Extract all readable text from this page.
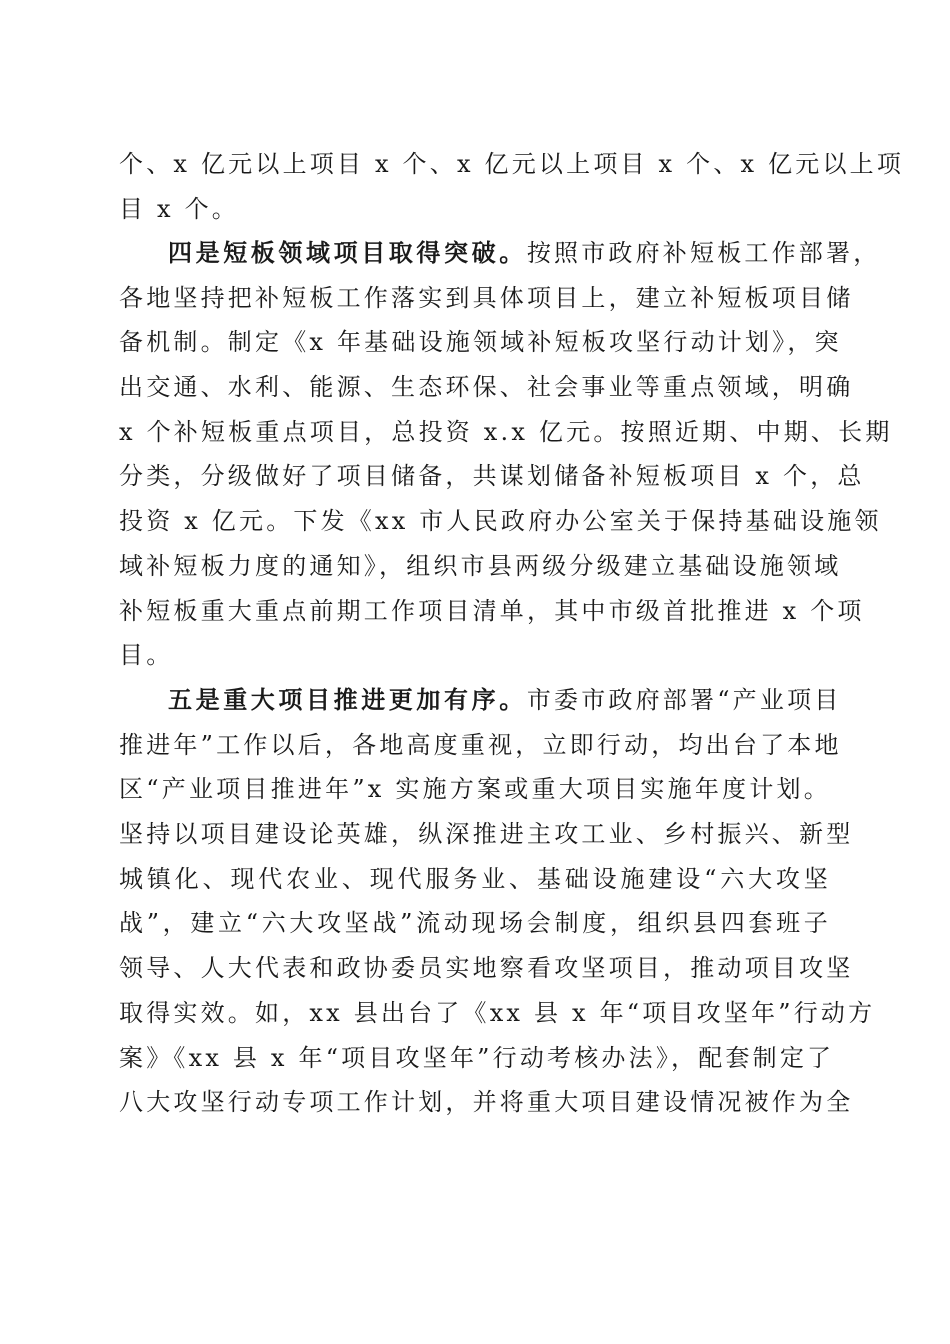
个、x 亿元以上项目 x 个、x 亿元以上项目 x 个、x 亿元以上项
目 x 个。
四是短板领域项目取得突破。按照市政府补短板工作部署，
各地坚持把补短板工作落实到具体项目上，建立补短板项目储
备机制。制定《x 年基础设施领域补短板攻坚行动计划》，突
出交通、水利、能源、生态环保、社会事业等重点领域，明确
x 个补短板重点项目，总投资 x.x 亿元。按照近期、中期、长期
分类，分级做好了项目储备，共谋划储备补短板项目 x 个，总
投资 x 亿元。下发《xx 市人民政府办公室关于保持基础设施领
域补短板力度的通知》，组织市县两级分级建立基础设施领域
补短板重大重点前期工作项目清单，其中市级首批推进 x 个项
目。
五是重大项目推进更加有序。市委市政府部署“产业项目
推进年”工作以后，各地高度重视，立即行动，均出台了本地
区“产业项目推进年”x 实施方案或重大项目实施年度计划。
坚持以项目建设论英雄，纵深推进主攻工业、乡村振兴、新型
城镇化、现代农业、现代服务业、基础设施建设“六大攻坚
战”，建立“六大攻坚战”流动现场会制度，组织县四套班子
领导、人大代表和政协委员实地察看攻坚项目，推动项目攻坚
取得实效。如，xx 县出台了《xx 县 x 年“项目攻坚年”行动方
案》《xx 县 x 年“项目攻坚年”行动考核办法》，配套制定了
八大攻坚行动专项工作计划，并将重大项目建设情况被作为全
